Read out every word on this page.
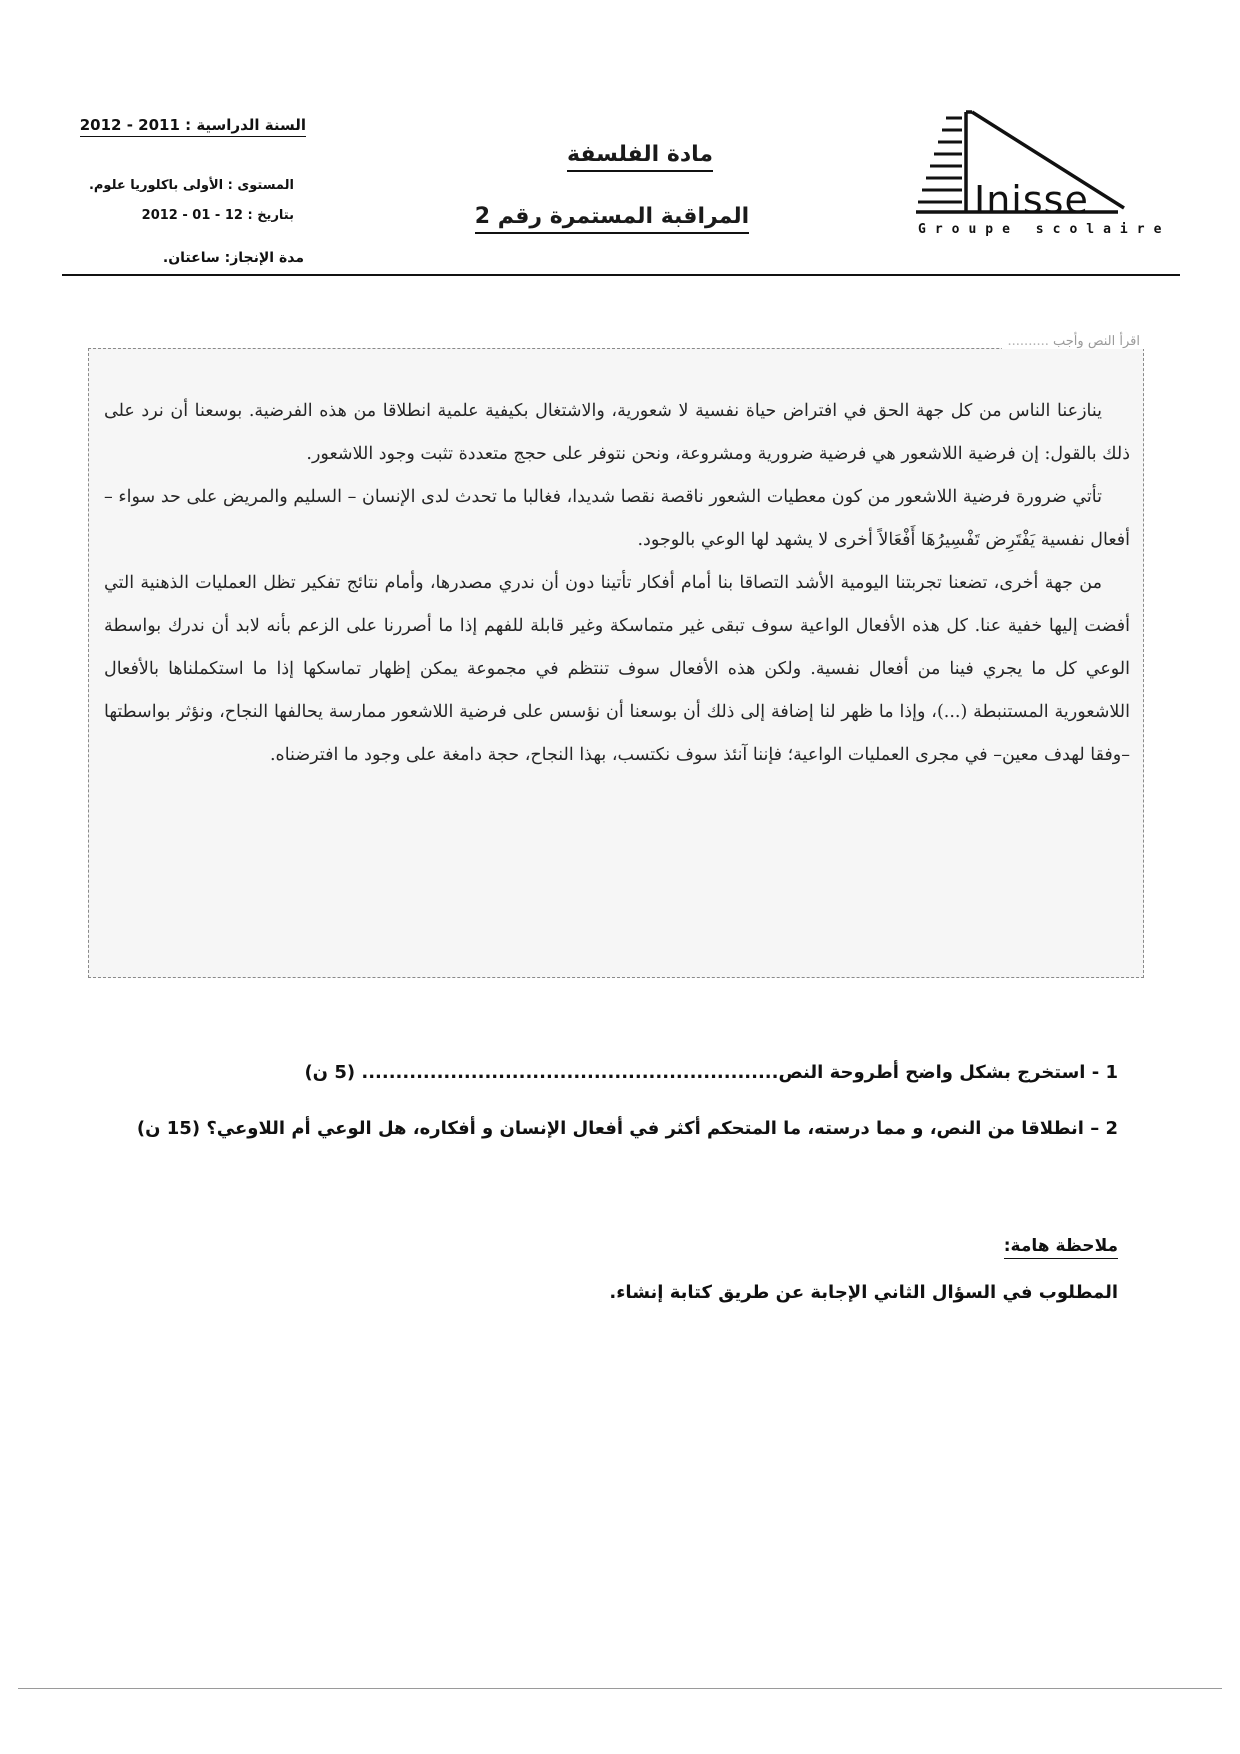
السنة الدراسية : 2011 - 2012
المستوى : الأولى باكلوريا علوم.
بتاريخ : 12 - 01 - 2012
مدة الإنجاز: ساعتان.
مادة الفلسفة
المراقبة المستمرة رقم 2	Inisse
Groupe scolaire
اقرأ النص وأجب .....

ينازعنا الناس من كل جهة الحق في افتراض حياة نفسية لا شعورية، والاشتغال بكيفية علمية انطلاقا من هذه الفرضية. بوسعنا أن نرد على ذلك بالقول: إن فرضية اللاشعور هي فرضية ضرورية ومشروعة، ونحن نتوفر على حجج متعددة تثبت وجود اللاشعور.

تأتي ضرورة فرضية اللاشعور من كون معطيات الشعور ناقصة نقصا شديدا، فغالبا ما تحدث لدى الإنسان – السليم والمريض على حد سواء – أفعال نفسية يَفْتَرِض تَفْسِيرُهَا أَفْعَالاً أخرى لا يشهد لها الوعي بالوجود.

من جهة أخرى، تضعنا تجربتنا اليومية الأشد التصاقا بنا أمام أفكار تأتينا دون أن ندري مصدرها، وأمام نتائج تفكير تظل العمليات الذهنية التي أفضت إليها خفية عنا. كل هذه الأفعال الواعية سوف تبقى غير متماسكة وغير قابلة للفهم إذا ما أصررنا على الزعم بأنه لابد أن ندرك بواسطة الوعي كل ما يجري فينا من أفعال نفسية. ولكن هذه الأفعال سوف تنتظم في مجموعة يمكن إظهار تماسكها إذا ما استكملناها بالأفعال اللاشعورية المستنبطة (...)، وإذا ما ظهر لنا إضافة إلى ذلك أن بوسعنا أن نؤسس على فرضية اللاشعور ممارسة يحالفها النجاح، ونؤثر بواسطتها –وفقا لهدف معين– في مجرى العمليات الواعية؛ فإننا آنئذ سوف نكتسب، بهذا النجاح، حجة دامغة على وجود ما افترضناه.

1 - استخرج بشكل واضح أطروحة النص............................................................. (5 ن)
2 – انطلاقا من النص، و مما درسته، ما المتحكم أكثر في أفعال الإنسان و أفكاره، هل الوعي أم اللاوعي؟ (15 ن)
ملاحظة هامة:
المطلوب في السؤال الثاني الإجابة عن طريق كتابة إنشاء.
